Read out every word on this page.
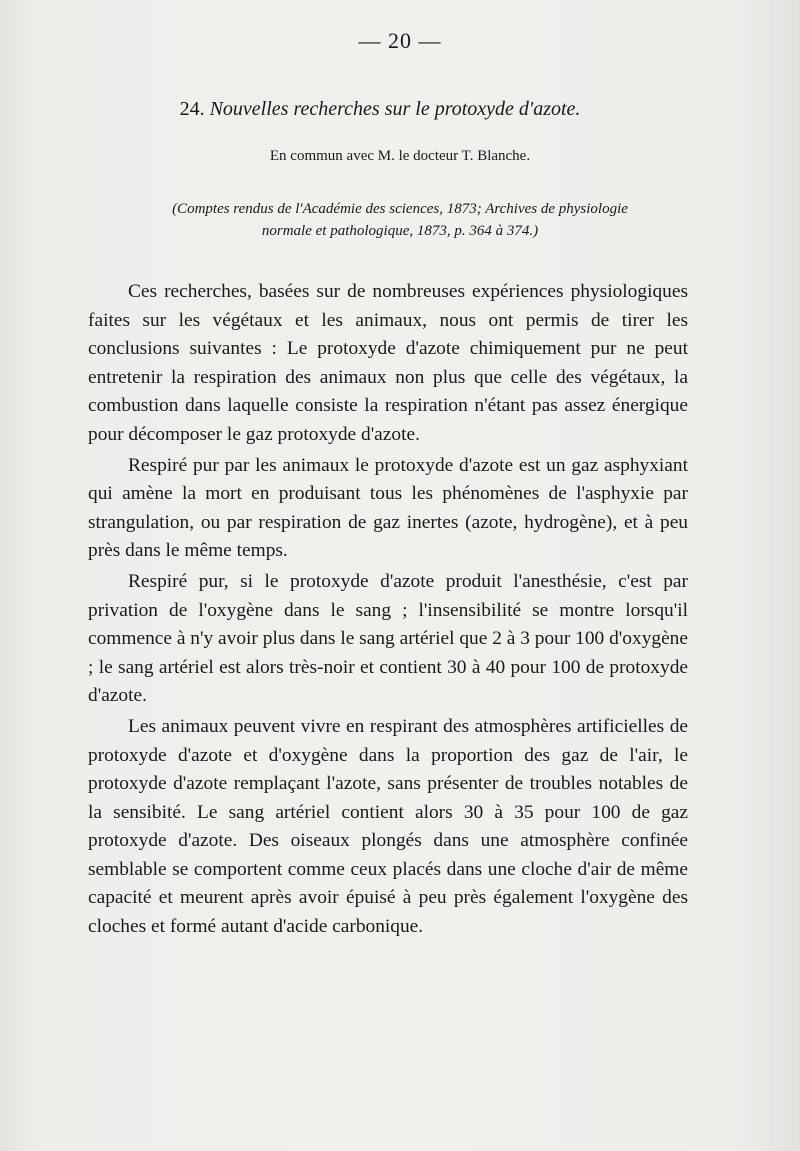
— 20 —
24. Nouvelles recherches sur le protoxyde d'azote.
En commun avec M. le docteur T. Blanche.
(Comptes rendus de l'Académie des sciences, 1873; Archives de physiologie
normale et pathologique, 1873, p. 364 à 374.)

Ces recherches, basées sur de nombreuses expériences physiologiques faites sur les végétaux et les animaux, nous ont permis de tirer les conclusions suivantes : Le protoxyde d'azote chimiquement pur ne peut entretenir la respiration des animaux non plus que celle des végétaux, la combustion dans laquelle consiste la respiration n'étant pas assez énergique pour décomposer le gaz protoxyde d'azote.

Respiré pur par les animaux le protoxyde d'azote est un gaz asphyxiant qui amène la mort en produisant tous les phénomènes de l'asphyxie par strangulation, ou par respiration de gaz inertes (azote, hydrogène), et à peu près dans le même temps.

Respiré pur, si le protoxyde d'azote produit l'anesthésie, c'est par privation de l'oxygène dans le sang ; l'insensibilité se montre lorsqu'il commence à n'y avoir plus dans le sang artériel que 2 à 3 pour 100 d'oxygène ; le sang artériel est alors très-noir et contient 30 à 40 pour 100 de protoxyde d'azote.

Les animaux peuvent vivre en respirant des atmosphères artificielles de protoxyde d'azote et d'oxygène dans la proportion des gaz de l'air, le protoxyde d'azote remplaçant l'azote, sans présenter de troubles notables de la sensibité. Le sang artériel contient alors 30 à 35 pour 100 de gaz protoxyde d'azote. Des oiseaux plongés dans une atmosphère confinée semblable se comportent comme ceux placés dans une cloche d'air de même capacité et meurent après avoir épuisé à peu près également l'oxygène des cloches et formé autant d'acide carbonique.
